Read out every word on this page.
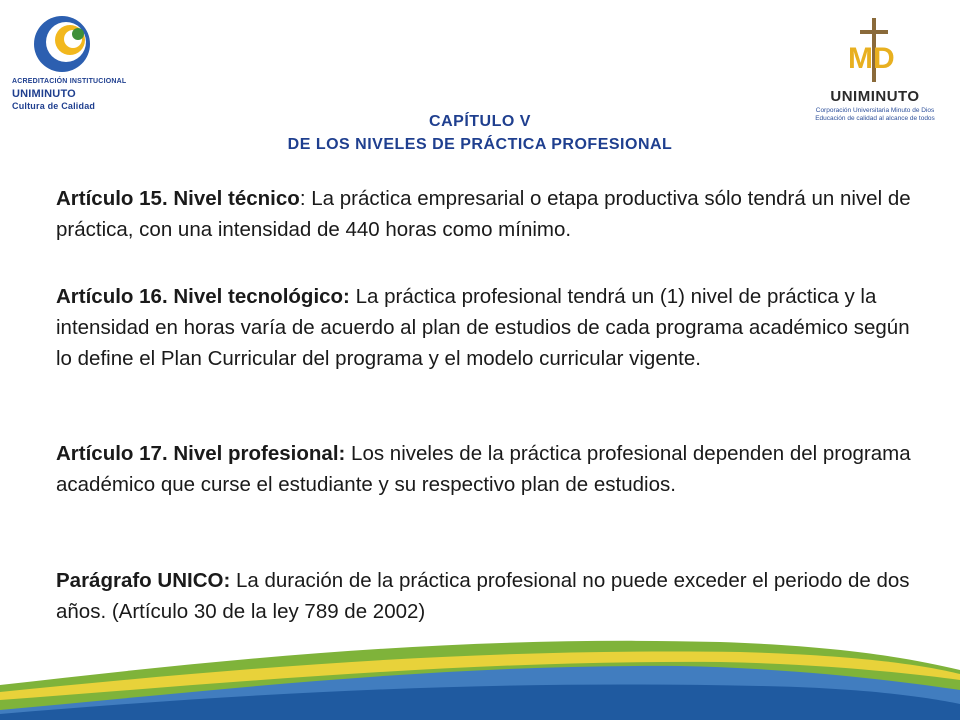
ACREDITACIÓN INSTITUCIONAL
UNIMINUTO
Cultura de Calidad
MD
UNIMINUTO
Corporación Universitaria Minuto de Dios
Educación de calidad al alcance de todos
CAPÍTULO V
DE LOS NIVELES DE PRÁCTICA PROFESIONAL
Artículo 15. Nivel técnico: La práctica empresarial o etapa productiva sólo tendrá un nivel de práctica, con una intensidad de 440 horas como mínimo.
Artículo 16. Nivel tecnológico: La práctica profesional tendrá un (1) nivel de práctica y la intensidad en horas varía de acuerdo al plan de estudios de cada programa académico según lo define el Plan Curricular del programa y el modelo curricular vigente.
Artículo 17. Nivel profesional: Los niveles de la práctica profesional dependen del programa académico que curse el estudiante y su respectivo plan de estudios.
Parágrafo UNICO: La duración de la práctica profesional no puede exceder el periodo de dos años. (Artículo 30 de la ley 789 de 2002)
